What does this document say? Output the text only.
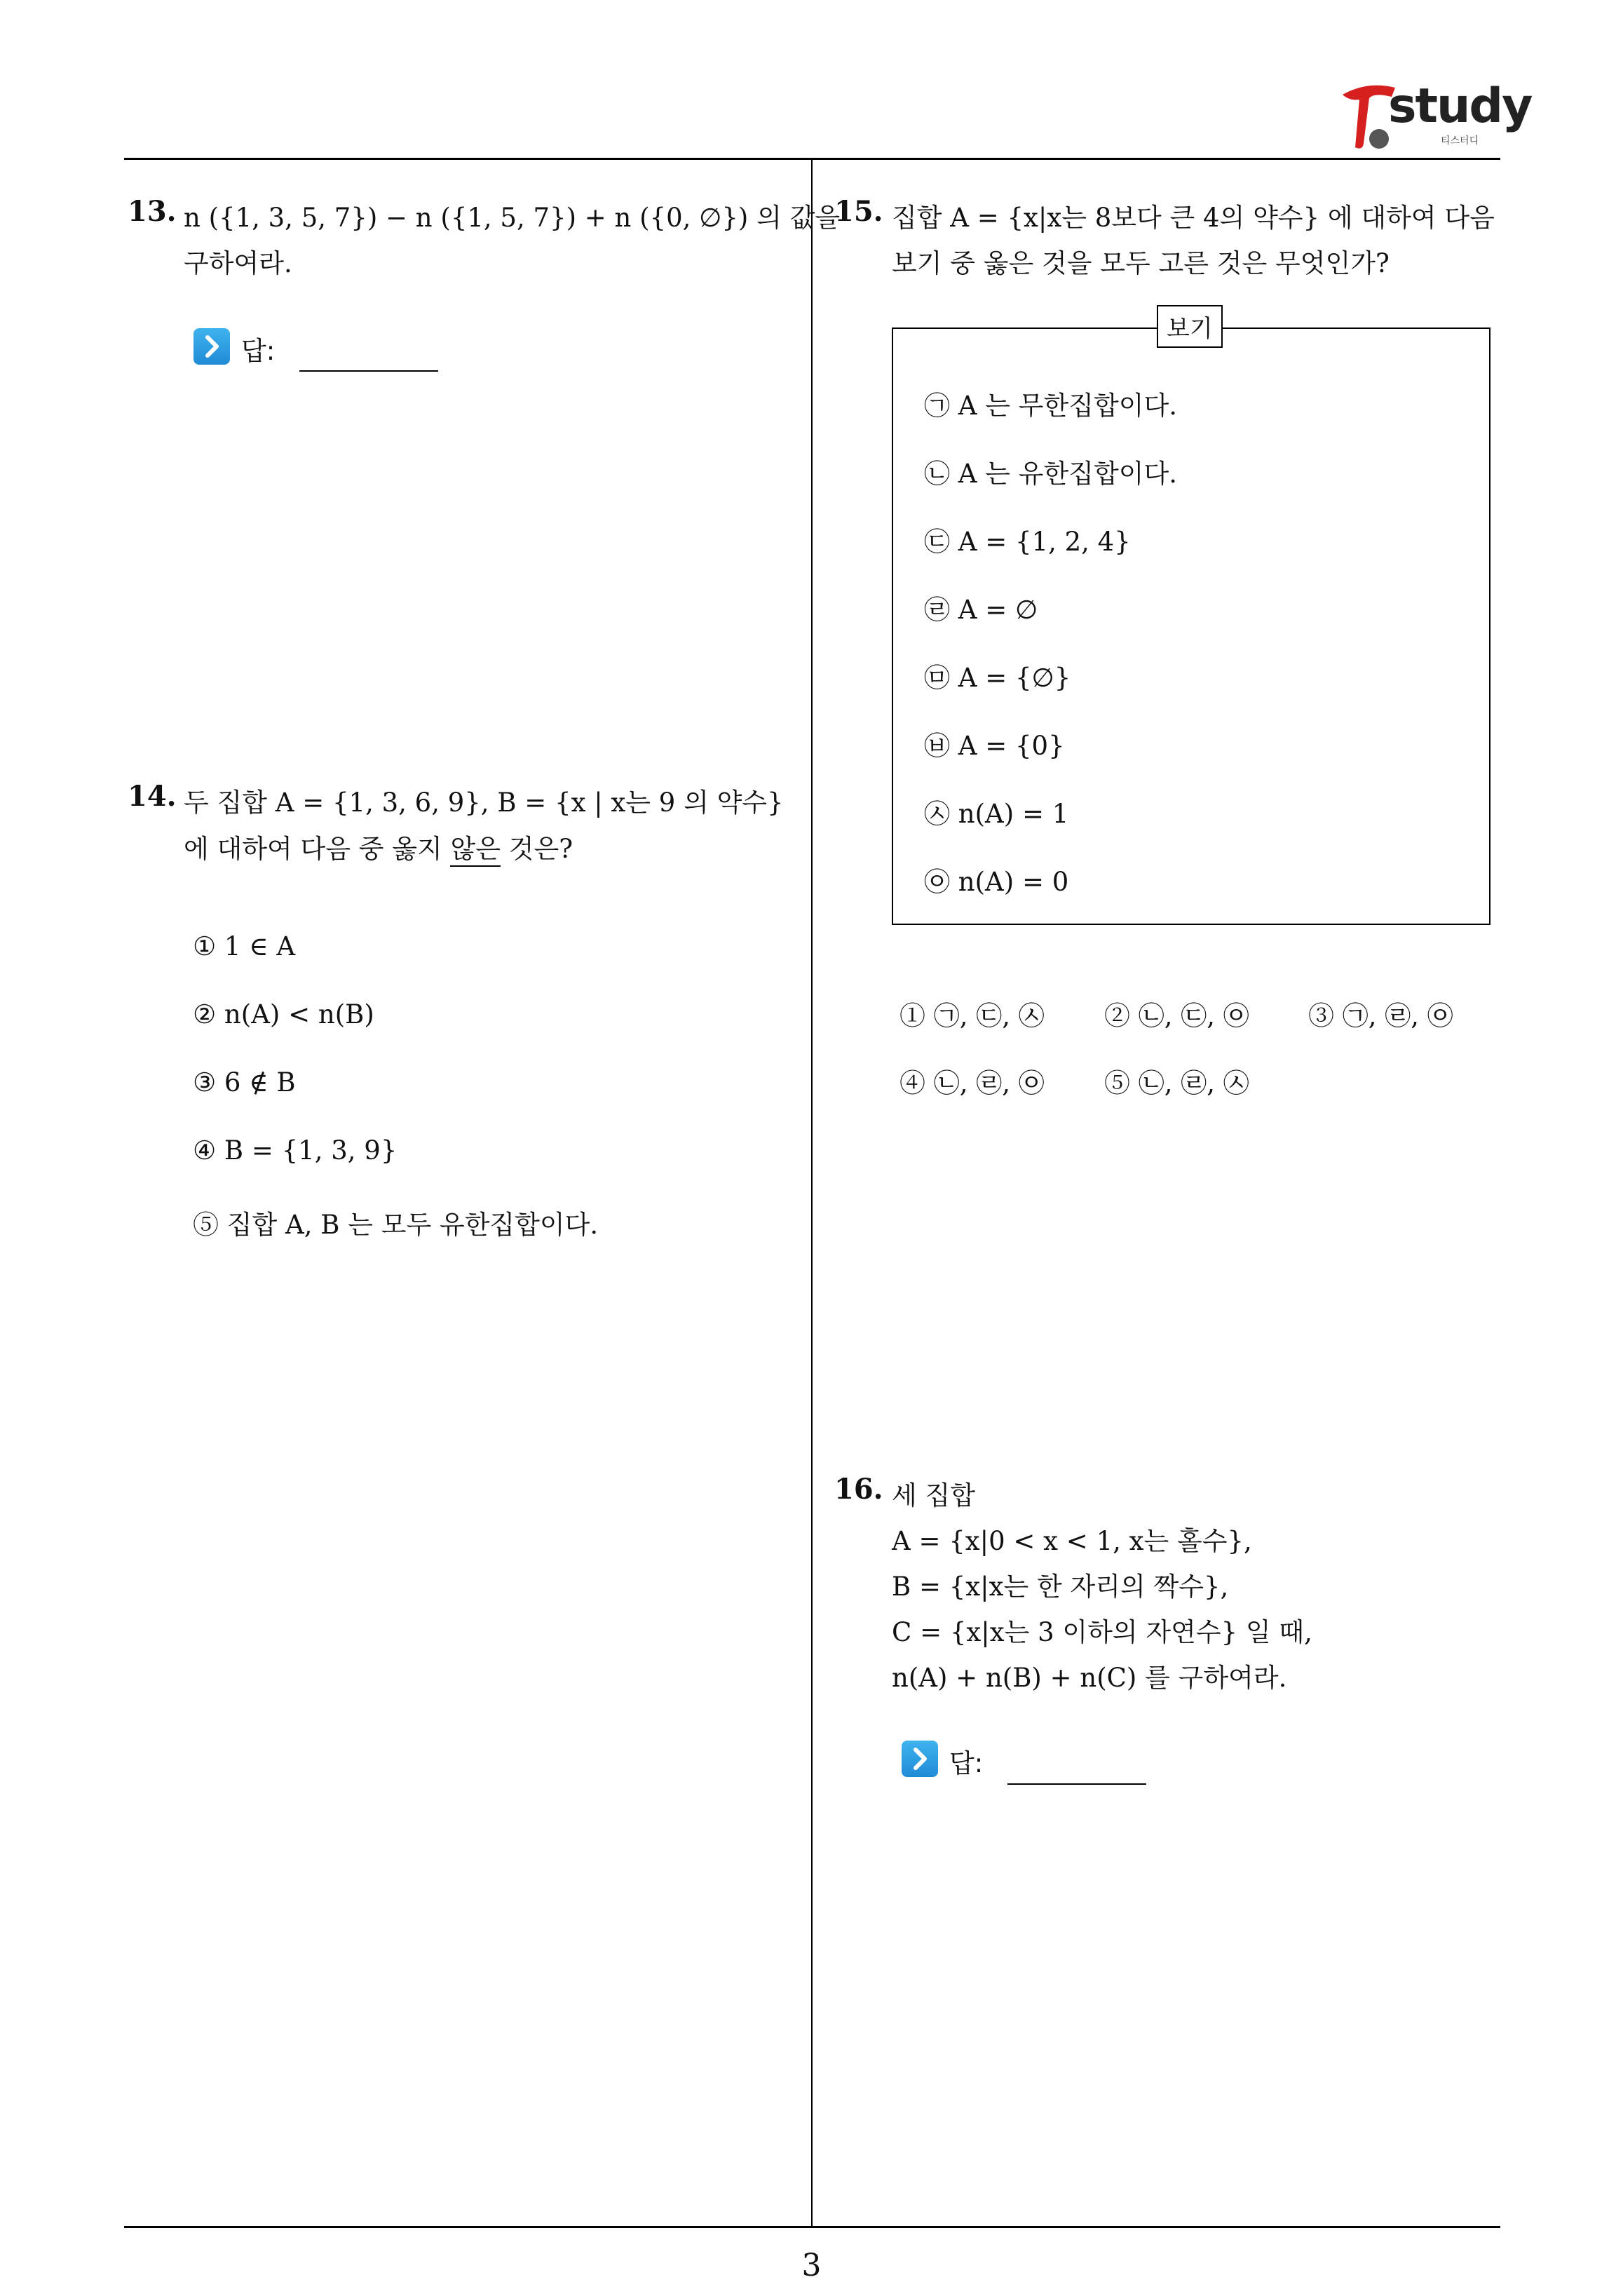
study
티스터디
13. n ({1, 3, 5, 7}) − n ({1, 5, 7}) + n ({0, ∅}) 의 값을
구하여라.
답:
14. 두 집합 A = {1, 3, 6, 9}, B = {x | x는 9 의 약수}
에 대하여 다음 중 옳지 않은 것은?
① 1 ∈ A
② n(A) < n(B)
③ 6 ∉ B
④ B = {1, 3, 9}
⑤ 집합 A, B 는 모두 유한집합이다.
15. 집합 A = {x|x는 8보다 큰 4의 약수} 에 대하여 다음
보기 중 옳은 것을 모두 고른 것은 무엇인가?
보기
㉠ A 는 무한집합이다.
㉡ A 는 유한집합이다.
㉢ A = {1, 2, 4}
㉣ A = ∅
㉤ A = {∅}
㉥ A = {0}
㉦ n(A) = 1
㉧ n(A) = 0
① ㉠, ㉢, ㉦ ② ㉡, ㉢, ㉧ ③ ㉠, ㉣, ㉧
④ ㉡, ㉣, ㉧ ⑤ ㉡, ㉣, ㉦
16. 세 집합
A = {x|0 < x < 1, x는 홀수},
B = {x|x는 한 자리의 짝수},
C = {x|x는 3 이하의 자연수} 일 때,
n(A) + n(B) + n(C) 를 구하여라.
답:
3
